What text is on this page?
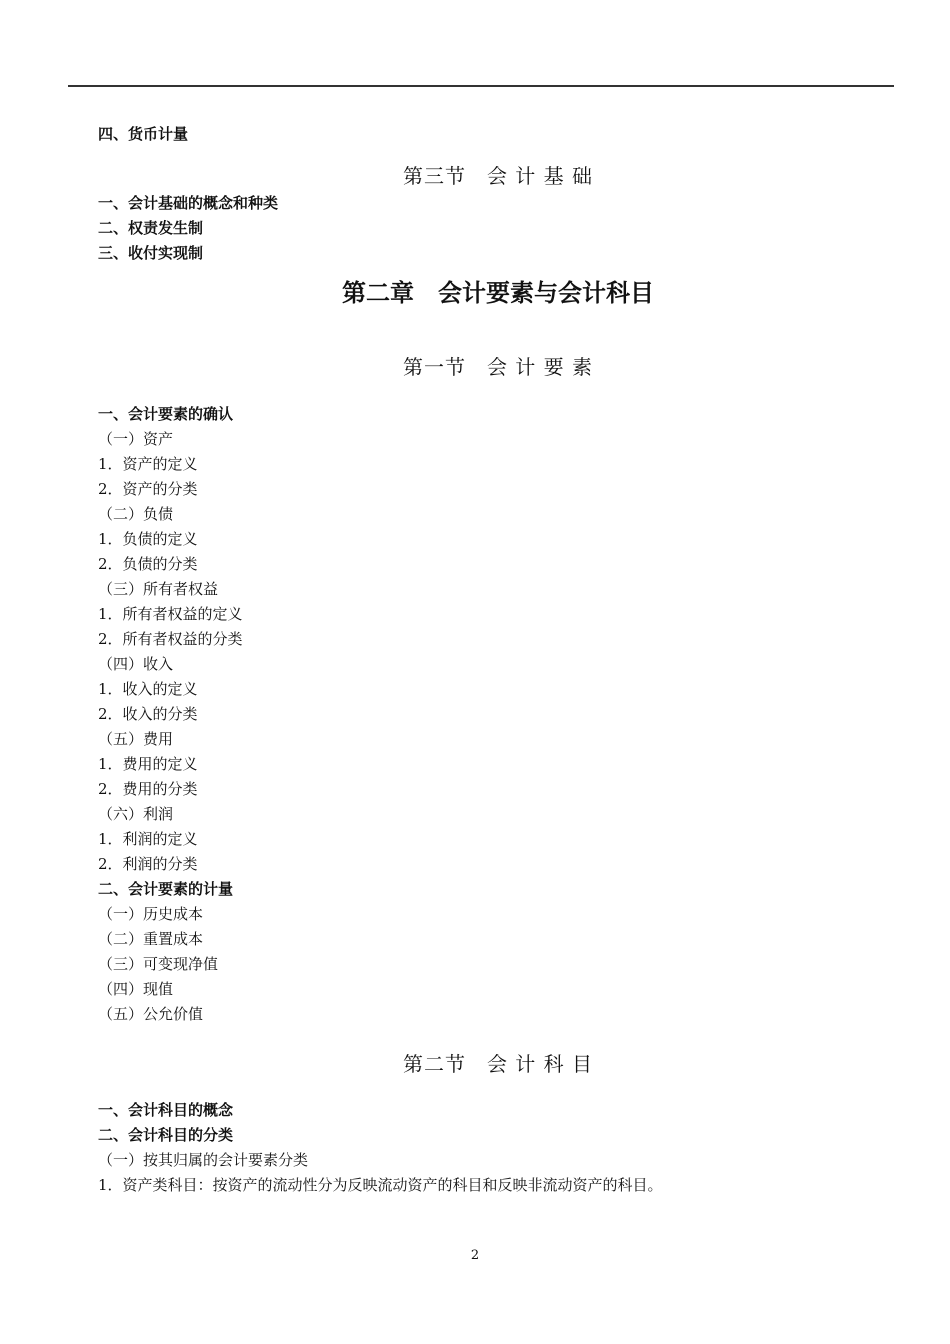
四、货币计量
第三节　会 计 基 础
一、会计基础的概念和种类
二、权责发生制
三、收付实现制
第二章　会计要素与会计科目
第一节　会 计 要 素
一、会计要素的确认
（一）资产
1．资产的定义
2．资产的分类
（二）负债
1．负债的定义
2．负债的分类
（三）所有者权益
1．所有者权益的定义
2．所有者权益的分类
（四）收入
1．收入的定义
2．收入的分类
（五）费用
1．费用的定义
2．费用的分类
（六）利润
1．利润的定义
2．利润的分类
二、会计要素的计量
（一）历史成本
（二）重置成本
（三）可变现净值
（四）现值
（五）公允价值
第二节　会 计 科 目
一、会计科目的概念
二、会计科目的分类
（一）按其归属的会计要素分类
1．资产类科目：按资产的流动性分为反映流动资产的科目和反映非流动资产的科目。
2
